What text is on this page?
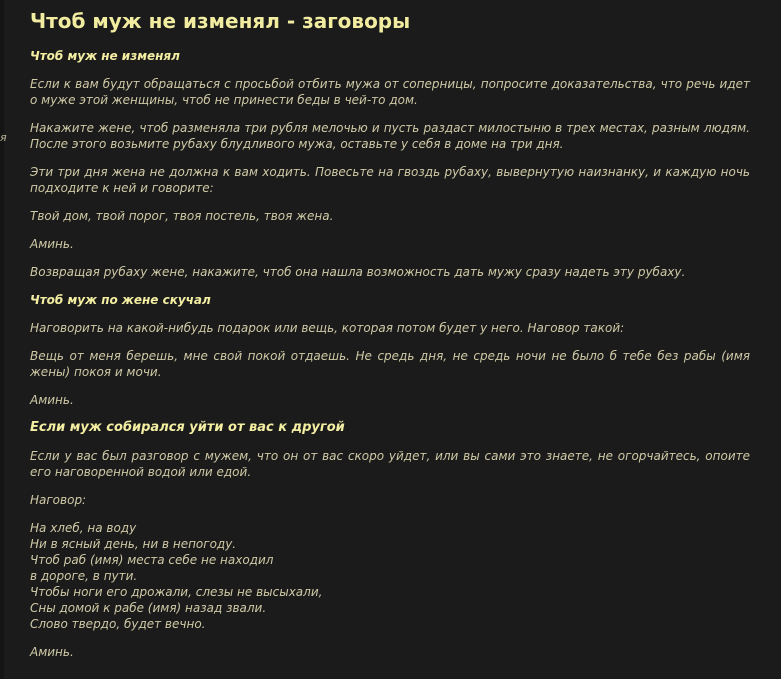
я
Чтоб муж не изменял - заговоры
Чтоб муж не изменял

Если к вам будут обращаться с просьбой отбить мужа от соперницы, попросите доказательства, что речь идет о муже этой женщины, чтоб не принести беды в чей-то дом.

Накажите жене, чтоб разменяла три рубля мелочью и пусть раздаст милостыню в трех местах, разным людям. После этого возьмите рубаху блудливого мужа, оставьте у себя в доме на три дня.

Эти три дня жена не должна к вам ходить. Повесьте на гвоздь рубаху, вывернутую наизнанку, и каждую ночь подходите к ней и говорите:

Твой дом, твой порог, твоя постель, твоя жена.

Аминь.

Возвращая рубаху жене, накажите, чтоб она нашла возможность дать мужу сразу надеть эту рубаху.

Чтоб муж по жене скучал

Наговорить на какой-нибудь подарок или вещь, которая потом будет у него. Наговор такой:

Вещь от меня берешь, мне свой покой отдаешь. Не средь дня, не средь ночи не было б тебе без рабы (имя жены) покоя и мочи.

Аминь.

Если муж собирался уйти от вас к другой

Если у вас был разговор с мужем, что он от вас скоро уйдет, или вы сами это знаете, не огорчайтесь, опоите его наговоренной водой или едой.

Наговор:

На хлеб, на воду
Ни в ясный день, ни в непогоду.
Чтоб раб (имя) места себе не находил
в дороге, в пути.
Чтобы ноги его дрожали, слезы не высыхали,
Сны домой к рабе (имя) назад звали.
Слово твердо, будет вечно.

Аминь.
